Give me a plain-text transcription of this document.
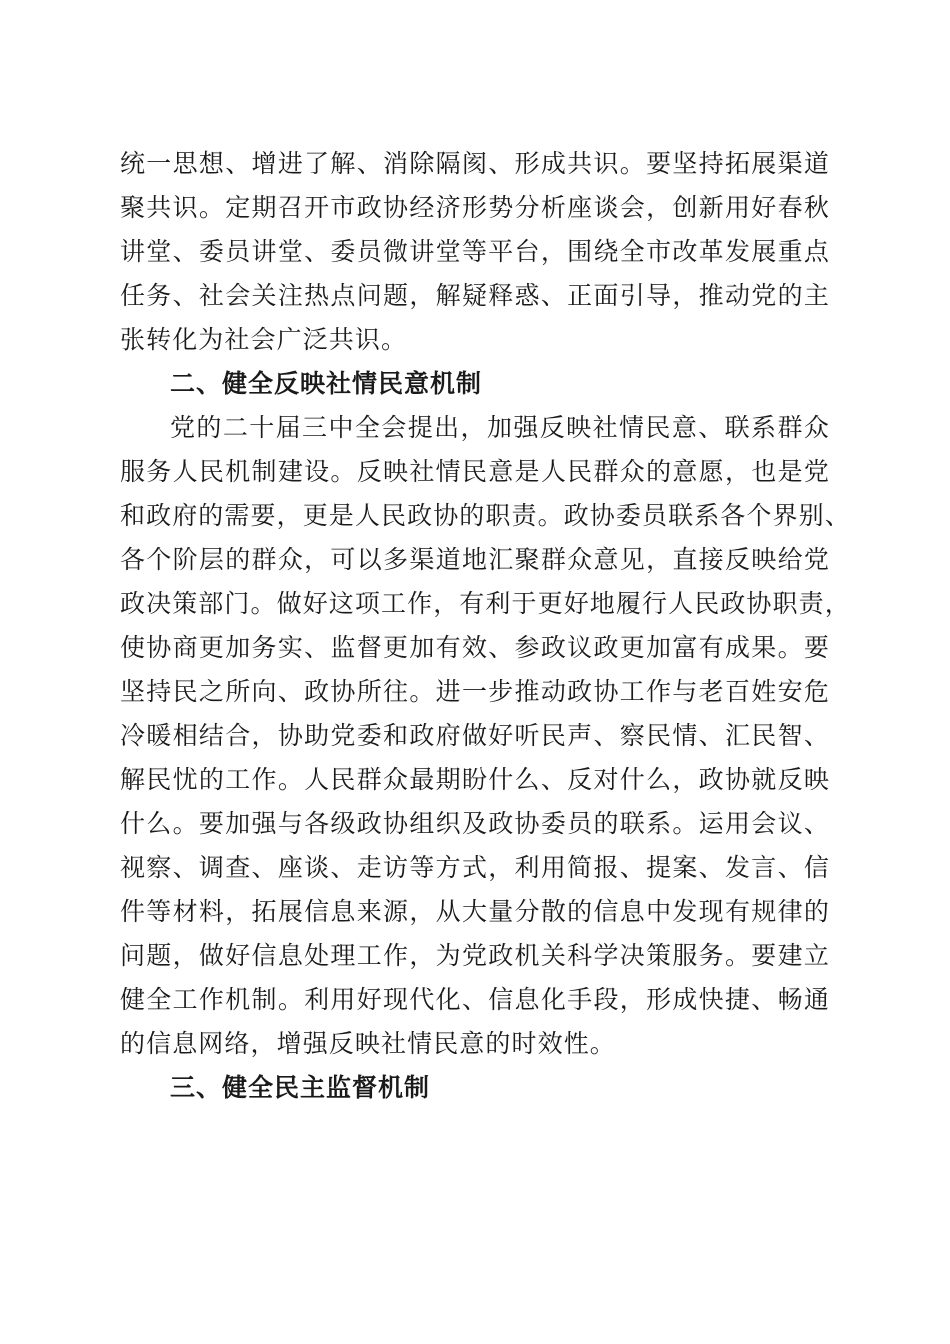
统一思想、增进了解、消除隔阂、形成共识。要坚持拓展渠道
聚共识。定期召开市政协经济形势分析座谈会，创新用好春秋
讲堂、委员讲堂、委员微讲堂等平台，围绕全市改革发展重点
任务、社会关注热点问题，解疑释惑、正面引导，推动党的主
张转化为社会广泛共识。
二、健全反映社情民意机制
党的二十届三中全会提出，加强反映社情民意、联系群众
服务人民机制建设。反映社情民意是人民群众的意愿，也是党
和政府的需要，更是人民政协的职责。政协委员联系各个界别、
各个阶层的群众，可以多渠道地汇聚群众意见，直接反映给党
政决策部门。做好这项工作，有利于更好地履行人民政协职责，
使协商更加务实、监督更加有效、参政议政更加富有成果。要
坚持民之所向、政协所往。进一步推动政协工作与老百姓安危
冷暖相结合，协助党委和政府做好听民声、察民情、汇民智、
解民忧的工作。人民群众最期盼什么、反对什么，政协就反映
什么。要加强与各级政协组织及政协委员的联系。运用会议、
视察、调查、座谈、走访等方式，利用简报、提案、发言、信
件等材料，拓展信息来源，从大量分散的信息中发现有规律的
问题，做好信息处理工作，为党政机关科学决策服务。要建立
健全工作机制。利用好现代化、信息化手段，形成快捷、畅通
的信息网络，增强反映社情民意的时效性。
三、健全民主监督机制
